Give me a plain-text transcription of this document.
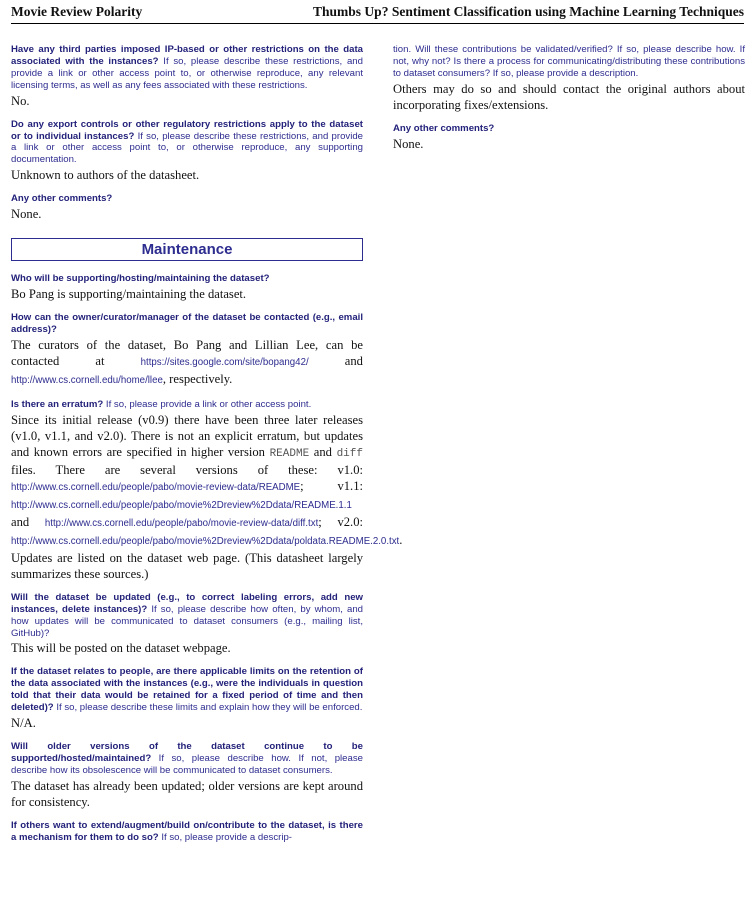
Movie Review Polarity	Thumbs Up? Sentiment Classification using Machine Learning Techniques

Have any third parties imposed IP-based or other restrictions on the data associated with the instances? If so, please describe these restrictions, and provide a link or other access point to, or otherwise reproduce, any relevant licensing terms, as well as any fees associated with these restrictions.

No.

Do any export controls or other regulatory restrictions apply to the dataset or to individual instances? If so, please describe these restrictions, and provide a link or other access point to, or otherwise reproduce, any supporting documentation.

Unknown to authors of the datasheet.

Any other comments?

None.

Maintenance

Who will be supporting/hosting/maintaining the dataset?

Bo Pang is supporting/maintaining the dataset.

How can the owner/curator/manager of the dataset be contacted (e.g., email address)?

The curators of the dataset, Bo Pang and Lillian Lee, can be contacted at	https://sites.google.com/site/bopang42/	and http://www.cs.cornell.edu/home/llee, respectively.

Is there an erratum? If so, please provide a link or other access point.

Since its initial release (v0.9) there have been three later releases (v1.0, v1.1, and v2.0). There is not an explicit erratum, but updates and known errors are specified in higher version README and diff files. There are several versions of these: v1.0: http://www.cs.cornell.edu/people/pabo/movie-review-data/README; v1.1: http://www.cs.cornell.edu/people/pabo/movie%2Dreview%2Ddata/README.1.1 and http://www.cs.cornell.edu/people/pabo/movie-review-data/diff.txt; v2.0: http://www.cs.cornell.edu/people/pabo/movie%2Dreview%2Ddata/poldata.README.2.0.txt. Updates are listed on the dataset web page. (This datasheet largely summarizes these sources.)

Will the dataset be updated (e.g., to correct labeling errors, add new instances, delete instances)? If so, please describe how often, by whom, and how updates will be communicated to dataset consumers (e.g., mailing list, GitHub)?

This will be posted on the dataset webpage.

If the dataset relates to people, are there applicable limits on the retention of the data associated with the instances (e.g., were the individuals in question told that their data would be retained for a fixed period of time and then deleted)? If so, please describe these limits and explain how they will be enforced.

N/A.

Will older versions of the dataset continue to be supported/hosted/maintained? If so, please describe how. If not, please describe how its obsolescence will be communicated to dataset consumers.

The dataset has already been updated; older versions are kept around for consistency.

If others want to extend/augment/build on/contribute to the dataset, is there a mechanism for them to do so? If so, please provide a descrip-

tion. Will these contributions be validated/verified? If so, please describe how. If not, why not? Is there a process for communicating/distributing these contributions to dataset consumers? If so, please provide a description.

Others may do so and should contact the original authors about incorporating fixes/extensions.

Any other comments?

None.
